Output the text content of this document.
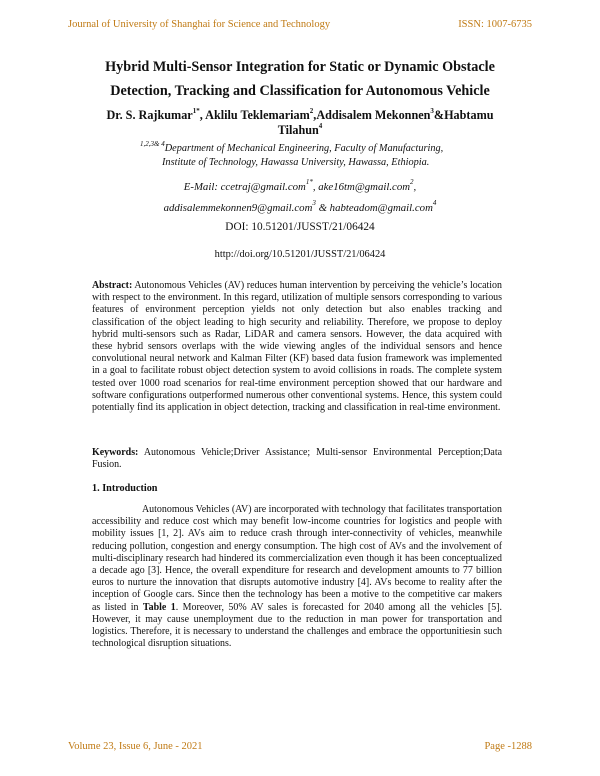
Journal of University of Shanghai for Science and Technology	ISSN: 1007-6735
Hybrid Multi-Sensor Integration for Static or Dynamic Obstacle
Detection, Tracking and Classification for Autonomous Vehicle
Dr. S. Rajkumar$^{1*}$, Aklilu Teklemariam$^2$,Addisalem Mekonnen$^3$&Habtamu Tilahun$^4$
$^{1,2,3\& 4}$Department of Mechanical Engineering, Faculty of Manufacturing,
Institute of Technology, Hawassa University, Hawassa, Ethiopia.
E-Mail: ccetraj@gmail.com$^{1*}$, ake16tm@gmail.com$^2$,
addisalemmekonnen9@gmail.com$^3$ & habteadom@gmail.com$^4$
DOI: 10.51201/JUSST/21/06424
http://doi.org/10.51201/JUSST/21/06424
Abstract: Autonomous Vehicles (AV) reduces human intervention by perceiving the vehicle’s location with respect to the environment. In this regard, utilization of multiple sensors corresponding to various features of environment perception yields not only detection but also enables tracking and classification of the object leading to high security and reliability. Therefore, we propose to deploy hybrid multi-sensors such as Radar, LiDAR and camera sensors. However, the data acquired with these hybrid sensors overlaps with the wide viewing angles of the individual sensors and hence convolutional neural network and Kalman Filter (KF) based data fusion framework was implemented in a goal to facilitate robust object detection system to avoid collisions in roads. The complete system tested over 1000 road scenarios for real-time environment perception showed that our hardware and software configurations outperformed numerous other conventional systems. Hence, this system could potentially find its application in object detection, tracking and classification in real-time environment.
Keywords: Autonomous Vehicle;Driver Assistance; Multi-sensor Environmental Perception;Data Fusion.
1. Introduction

Autonomous Vehicles (AV) are incorporated with technology that facilitates transportation accessibility and reduce cost which may benefit low-income countries for logistics and people with mobility issues [1, 2]. AVs aim to reduce crash through inter-connectivity of vehicles, meanwhile reducing pollution, congestion and energy consumption. The high cost of AVs and the involvement of multi-disciplinary research had hindered its commercialization even though it has been conceptualized a decade ago [3]. Hence, the overall expenditure for research and development amounts to 77 billion euros to nurture the innovation that disrupts automotive industry [4]. AVs become to reality after the inception of Google cars. Since then the technology has been a motive to the competitive car makers as listed in Table 1. Moreover, 50% AV sales is forecasted for 2040 among all the vehicles [5]. However, it may cause unemployment due to the reduction in man power for transportation and logistics. Therefore, it is necessary to understand the challenges and embrace the opportunitiesin such technological disruption situations.

Volume 23, Issue 6, June - 2021	Page -1288
